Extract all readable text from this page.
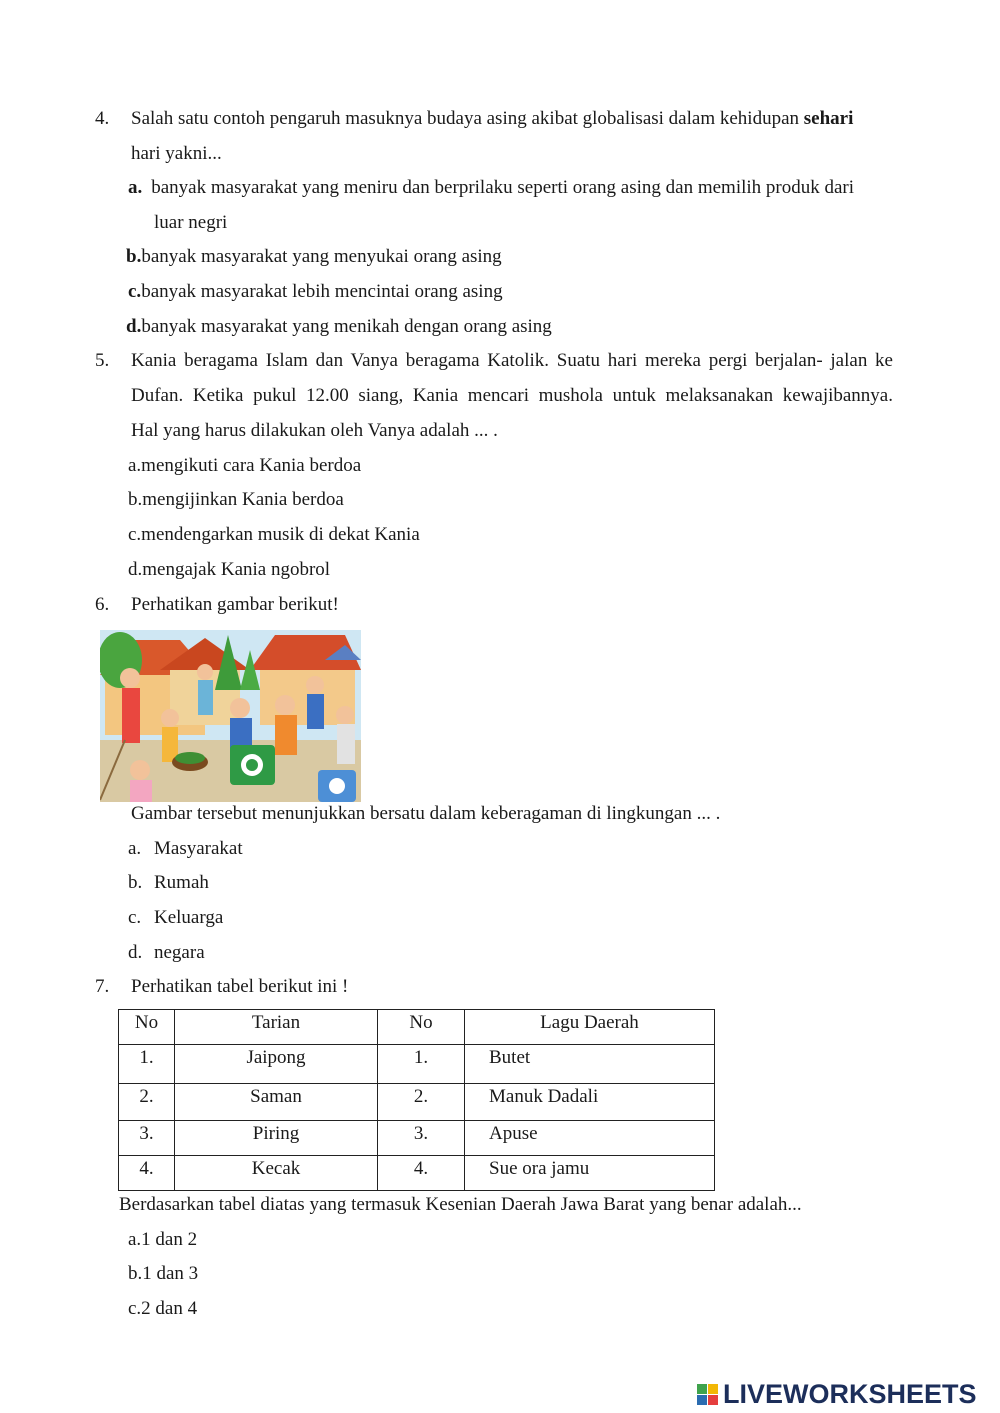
4. Salah satu contoh pengaruh masuknya budaya asing akibat globalisasi dalam kehidupan sehari
hari yakni...
a. banyak masyarakat yang meniru dan berprilaku seperti orang asing dan memilih produk dari
luar negri
b.banyak masyarakat yang menyukai orang asing
c.banyak masyarakat lebih mencintai orang asing
d.banyak masyarakat yang menikah dengan orang asing
5. Kania beragama Islam dan Vanya beragama Katolik. Suatu hari mereka pergi berjalan- jalan ke
Dufan. Ketika pukul 12.00 siang, Kania mencari mushola untuk melaksanakan kewajibannya.
Hal yang harus dilakukan oleh Vanya adalah ... .
a.mengikuti cara Kania berdoa
b.mengijinkan Kania berdoa
c.mendengarkan musik di dekat Kania
d.mengajak Kania ngobrol
6. Perhatikan gambar berikut!
Gambar tersebut menunjukkan bersatu dalam keberagaman di lingkungan ... .
a. Masyarakat
b. Rumah
c. Keluarga
d. negara
7. Perhatikan tabel berikut ini !
No	Tarian	No	Lagu Daerah

1.	Jaipong	1.	Butet

2.	Saman	2.	Manuk Dadali

3.	Piring	3.	Apuse

4.	Kecak	4.	Sue ora jamu
Berdasarkan tabel diatas yang termasuk Kesenian Daerah Jawa Barat yang benar adalah...
a.1 dan 2
b.1 dan 3
c.2 dan 4
LIVEWORKSHEETS
